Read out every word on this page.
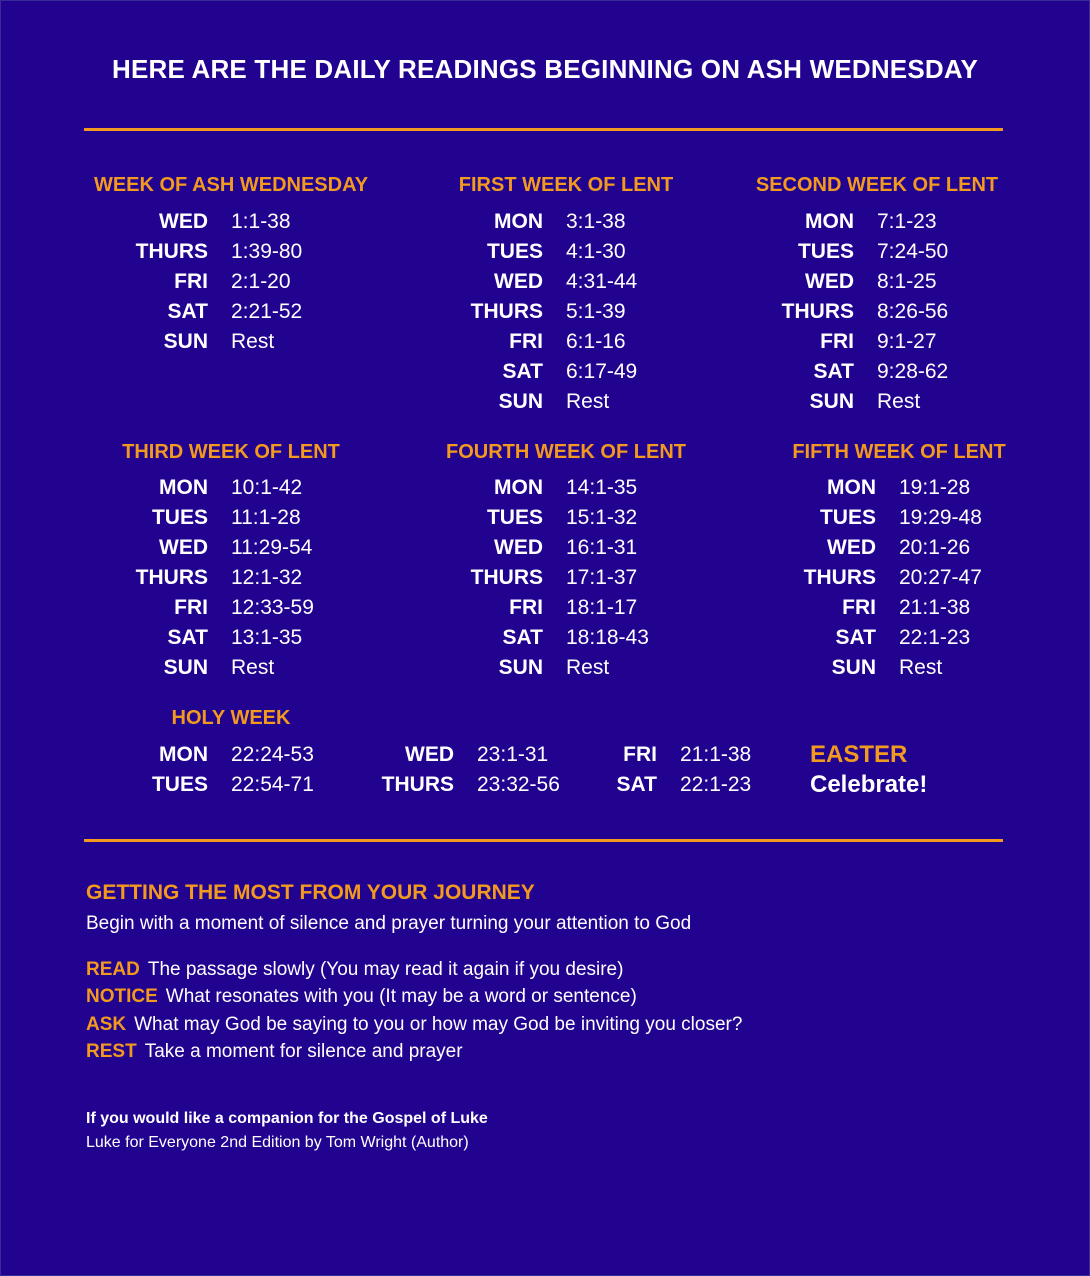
HERE ARE THE DAILY READINGS BEGINNING ON ASH WEDNESDAY
WEEK OF ASH WEDNESDAY
WED 1:1-38
THURS 1:39-80
FRI 2:1-20
SAT 2:21-52
SUN Rest
FIRST WEEK OF LENT
MON 3:1-38
TUES 4:1-30
WED 4:31-44
THURS 5:1-39
FRI 6:1-16
SAT 6:17-49
SUN Rest
SECOND WEEK OF LENT
MON 7:1-23
TUES 7:24-50
WED 8:1-25
THURS 8:26-56
FRI 9:1-27
SAT 9:28-62
SUN Rest
THIRD WEEK OF LENT
MON 10:1-42
TUES 11:1-28
WED 11:29-54
THURS 12:1-32
FRI 12:33-59
SAT 13:1-35
SUN Rest
FOURTH WEEK OF LENT
MON 14:1-35
TUES 15:1-32
WED 16:1-31
THURS 17:1-37
FRI 18:1-17
SAT 18:18-43
SUN Rest
FIFTH WEEK OF LENT
MON 19:1-28
TUES 19:29-48
WED 20:1-26
THURS 20:27-47
FRI 21:1-38
SAT 22:1-23
SUN Rest
HOLY WEEK
MON 22:24-53
TUES 22:54-71
WED 23:1-31
THURS 23:32-56
FRI 21:1-38
SAT 22:1-23
EASTER
Celebrate!
GETTING THE MOST FROM YOUR JOURNEY
Begin with a moment of silence and prayer turning your attention to God
READ The passage slowly (You may read it again if you desire)
NOTICE What resonates with you (It may be a word or sentence)
ASK What may God be saying to you or how may God be inviting you closer?
REST Take a moment for silence and prayer
If you would like a companion for the Gospel of Luke
Luke for Everyone 2nd Edition by Tom Wright (Author)
